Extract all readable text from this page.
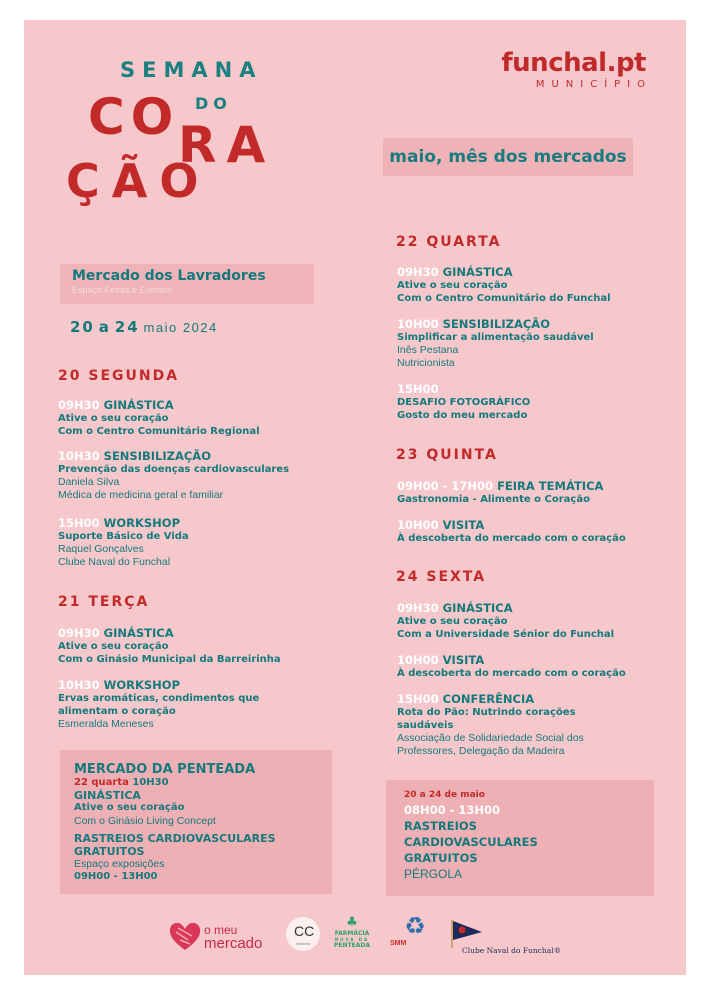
SEMANA
DO
CO
RA
ÇÃO
funchal.pt
MUNICÍPIO
maio, mês dos mercados
Mercado dos Lavradores
Espaço Feiras e Eventos
20 a 24 maio 2024
20 SEGUNDA
09H30 GINÁSTICA
Ative o seu coração
Com o Centro Comunitário Regional
10H30 SENSIBILIZAÇÃO
Prevenção das doenças cardiovasculares
Daniela Silva
Médica de medicina geral e familiar
15H00 WORKSHOP
Suporte Básico de Vida
Raquel Gonçalves
Clube Naval do Funchal
21 TERÇA
09H30 GINÁSTICA
Ative o seu coração
Com o Ginásio Municipal da Barreirinha
10H30 WORKSHOP
Ervas aromáticas, condimentos que
alimentam o coração
Esmeralda Meneses
22 QUARTA
09H30 GINÁSTICA
Ative o seu coração
Com o Centro Comunitário do Funchal
10H00 SENSIBILIZAÇÃO
Simplificar a alimentação saudável
Inês Pestana
Nutricionista
15H00
DESAFIO FOTOGRÁFICO
Gosto do meu mercado
23 QUINTA
09H00 - 17H00 FEIRA TEMÁTICA
Gastronomia - Alimente o Coração
10H00 VISITA
À descoberta do mercado com o coração
24 SEXTA
09H30 GINÁSTICA
Ative o seu coração
Com a Universidade Sénior do Funchal
10H00 VISITA
À descoberta do mercado com o coração
15H00 CONFERÊNCIA
Rota do Pão: Nutrindo corações
saudáveis
Associação de Solidariedade Social dos
Professores, Delegação da Madeira
MERCADO DA PENTEADA
22 quarta 10H30
GINÁSTICA
Ative o seu coração
Com o Ginásio Living Concept
RASTREIOS CARDIOVASCULARES
GRATUITOS
Espaço exposições
09H00 - 13H00
20 a 24 de maio
08H00 - 13H00
RASTREIOS
CARDIOVASCULARES
GRATUITOS
PÉRGOLA
o meu
mercado
CC
madeira
♣
FARMÁCIA
NOVA DA
PENTEADA
♻
SMM
Clube Naval do Funchal®
